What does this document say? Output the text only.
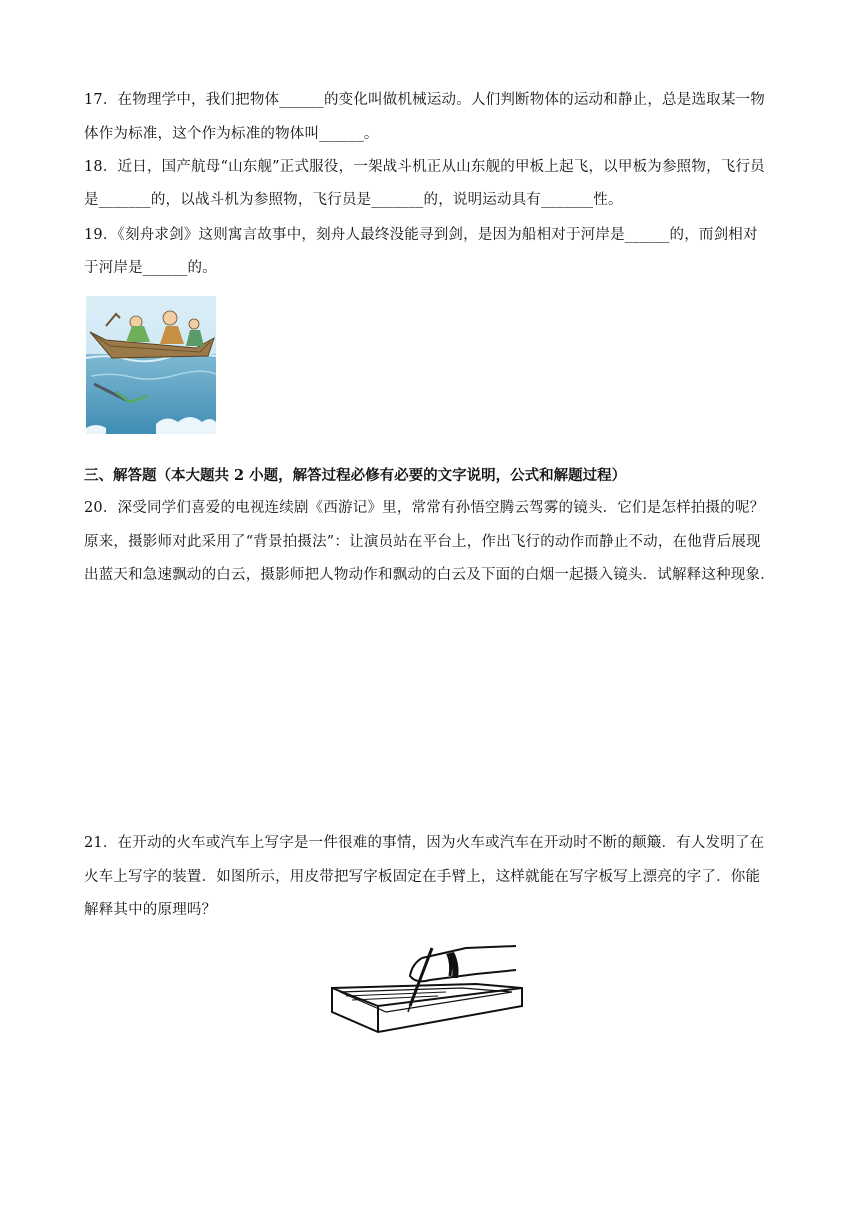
17．在物理学中，我们把物体______的变化叫做机械运动。人们判断物体的运动和静止，总是选取某一物
体作为标准，这个作为标准的物体叫______。
18．近日，国产航母“山东舰”正式服役，一架战斗机正从山东舰的甲板上起飞，以甲板为参照物，飞行员
是_______的，以战斗机为参照物，飞行员是_______的，说明运动具有_______性。
19．《刻舟求剑》这则寓言故事中，刻舟人最终没能寻到剑，是因为船相对于河岸是______的，而剑相对
于河岸是______的。
三、解答题（本大题共 2 小题，解答过程必修有必要的文字说明，公式和解题过程）
20．深受同学们喜爱的电视连续剧《西游记》里，常常有孙悟空腾云驾雾的镜头．它们是怎样拍摄的呢？
原来，摄影师对此采用了“背景拍摄法”：让演员站在平台上，作出飞行的动作而静止不动，在他背后展现
出蓝天和急速飘动的白云，摄影师把人物动作和飘动的白云及下面的白烟一起摄入镜头．试解释这种现象．
21．在开动的火车或汽车上写字是一件很难的事情，因为火车或汽车在开动时不断的颠簸．有人发明了在
火车上写字的装置．如图所示，用皮带把写字板固定在手臂上，这样就能在写字板写上漂亮的字了．你能
解释其中的原理吗？
